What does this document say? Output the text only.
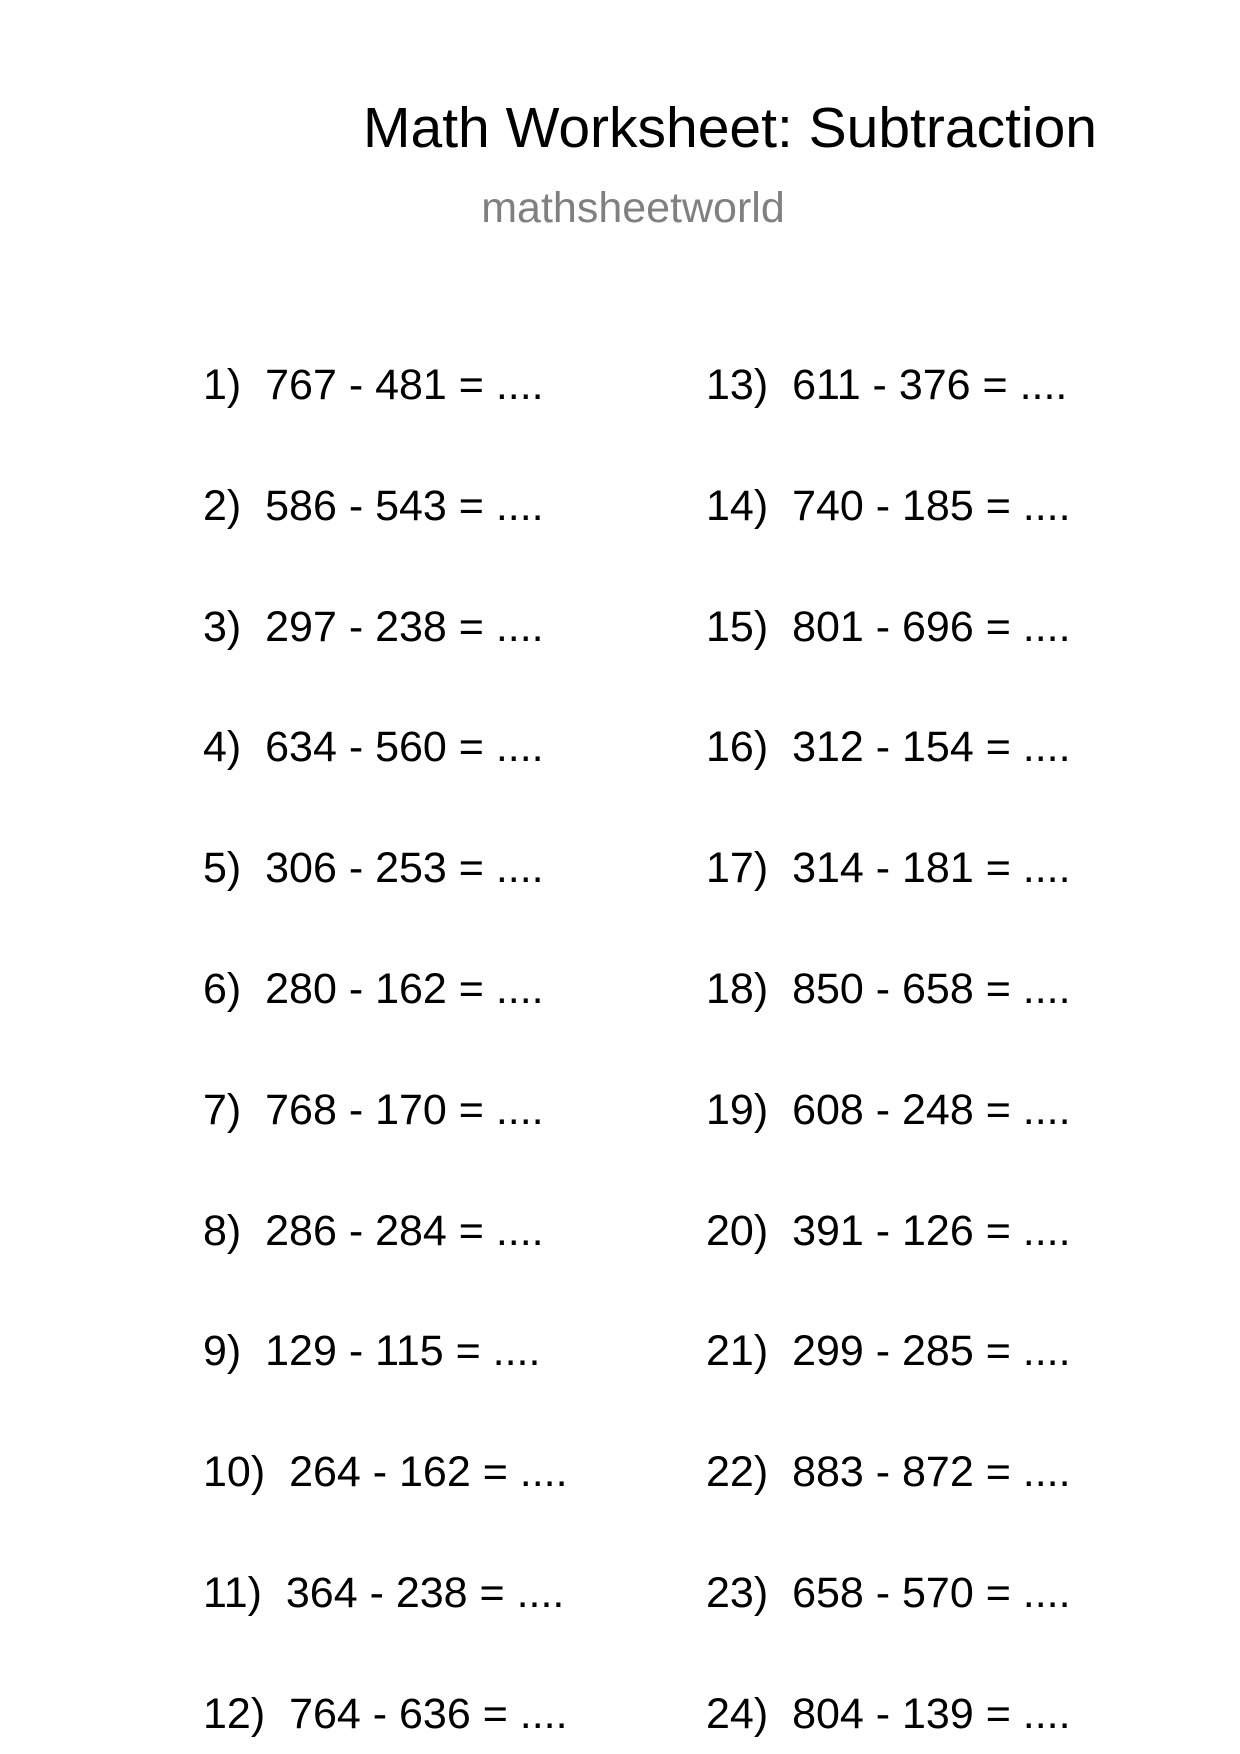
Math Worksheet: Subtraction
mathsheetworld
1) 767 - 481 = ....
2) 586 - 543 = ....
3) 297 - 238 = ....
4) 634 - 560 = ....
5) 306 - 253 = ....
6) 280 - 162 = ....
7) 768 - 170 = ....
8) 286 - 284 = ....
9) 129 - 115 = ....
10) 264 - 162 = ....
11) 364 - 238 = ....
12) 764 - 636 = ....
13) 611 - 376 = ....
14) 740 - 185 = ....
15) 801 - 696 = ....
16) 312 - 154 = ....
17) 314 - 181 = ....
18) 850 - 658 = ....
19) 608 - 248 = ....
20) 391 - 126 = ....
21) 299 - 285 = ....
22) 883 - 872 = ....
23) 658 - 570 = ....
24) 804 - 139 = ....
